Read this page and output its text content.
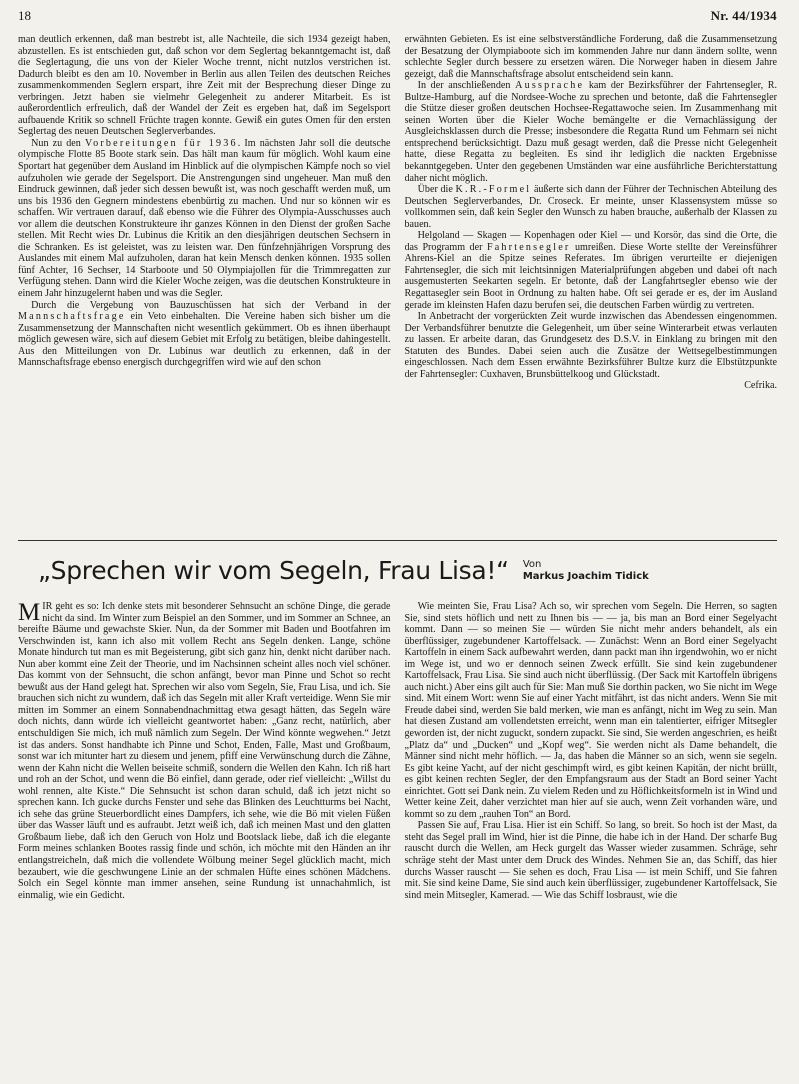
18	Nr. 44/1934

man deutlich erkennen, daß man bestrebt ist, alle Nachteile, die sich 1934 gezeigt haben, abzustellen. Es ist entschieden gut, daß schon vor dem Seglertag bekanntgemacht ist, daß die Seglertagung, die uns von der Kieler Woche trennt, nicht nutzlos verstrichen ist. Dadurch bleibt es den am 10. November in Berlin aus allen Teilen des deutschen Reiches zusammenkommenden Seglern erspart, ihre Zeit mit der Besprechung dieser Dinge zu verbringen. Jetzt haben sie vielmehr Gelegenheit zu anderer Mitarbeit. Es ist außerordentlich erfreulich, daß der Wandel der Zeit es ergeben hat, daß im Segelsport aufbauende Kritik so schnell Früchte tragen konnte. Gewiß ein gutes Omen für den ersten Seglertag des neuen Deutschen Seglerverbandes.

Nun zu den Vorbereitungen für 1936. Im nächsten Jahr soll die deutsche olympische Flotte 85 Boote stark sein. Das hält man kaum für möglich. Wohl kaum eine Sportart hat gegenüber dem Ausland im Hinblick auf die olympischen Kämpfe noch so viel aufzuholen wie gerade der Segelsport. Die Anstrengungen sind ungeheuer. Man muß den Eindruck gewinnen, daß jeder sich dessen bewußt ist, was noch geschafft werden muß, um uns bis 1936 den Gegnern mindestens ebenbürtig zu machen. Und nur so können wir es schaffen. Wir vertrauen darauf, daß ebenso wie die Führer des Olympia-Ausschusses auch vor allem die deutschen Konstrukteure ihr ganzes Können in den Dienst der großen Sache stellen. Mit Recht wies Dr. Lubinus die Kritik an den diesjährigen deutschen Sechsern in die Schranken. Es ist geleistet, was zu leisten war. Den fünfzehnjährigen Vorsprung des Auslandes mit einem Mal aufzuholen, daran hat kein Mensch denken können. 1935 sollen fünf Achter, 16 Sechser, 14 Starboote und 50 Olympiajollen für die Trimmregatten zur Verfügung stehen. Dann wird die Kieler Woche zeigen, was die deutschen Konstrukteure in einem Jahr hinzugelernt haben und was die Segler.

Durch die Vergebung von Bauzuschüssen hat sich der Verband in der Mannschaftsfrage ein Veto einbehalten. Die Vereine haben sich bisher um die Zusammensetzung der Mannschaften nicht wesentlich gekümmert. Ob es ihnen überhaupt möglich gewesen wäre, sich auf diesem Gebiet mit Erfolg zu betätigen, bleibe dahingestellt. Aus den Mitteilungen von Dr. Lubinus war deutlich zu erkennen, daß in der Mannschaftsfrage ebenso energisch durchgegriffen wird wie auf den schon

erwähnten Gebieten. Es ist eine selbstverständliche Forderung, daß die Zusammensetzung der Besatzung der Olympiaboote sich im kommenden Jahre nur dann ändern sollte, wenn schlechte Segler durch bessere zu ersetzen wären. Die Norweger haben in diesem Jahre gezeigt, daß die Mannschaftsfrage absolut entscheidend sein kann.

In der anschließenden Aussprache kam der Bezirksführer der Fahrtensegler, R. Bultze-Hamburg, auf die Nordsee-Woche zu sprechen und betonte, daß die Fahrtensegler die Stütze dieser großen deutschen Hochsee-Regattawoche seien. Im Zusammenhang mit seinen Worten über die Kieler Woche bemängelte er die Vernachlässigung der Ausgleichsklassen durch die Presse; insbesondere die Regatta Rund um Fehmarn sei nicht entsprechend berücksichtigt. Dazu muß gesagt werden, daß die Presse nicht Gelegenheit hatte, diese Regatta zu begleiten. Es sind ihr lediglich die nackten Ergebnisse bekanntgegeben. Unter den gegebenen Umständen war eine ausführliche Berichterstattung daher nicht möglich.

Über die K.R.-Formel äußerte sich dann der Führer der Technischen Abteilung des Deutschen Seglerverbandes, Dr. Croseck. Er meinte, unser Klassensystem müsse so vollkommen sein, daß kein Segler den Wunsch zu haben brauche, außerhalb der Klassen zu bauen.

Helgoland — Skagen — Kopenhagen oder Kiel — und Korsör, das sind die Orte, die das Programm der Fahrtensegler umreißen. Diese Worte stellte der Vereinsführer Ahrens-Kiel an die Spitze seines Referates. Im übrigen verurteilte er diejenigen Fahrtensegler, die sich mit leichtsinnigen Materialprüfungen abgeben und dabei oft nach ausgemusterten Seekarten segeln. Er betonte, daß der Langfahrtsegler ebenso wie der Regattasegler sein Boot in Ordnung zu halten habe. Oft sei gerade er es, der im Ausland gerade im kleinsten Hafen dazu berufen sei, die deutschen Farben würdig zu vertreten.

In Anbetracht der vorgerückten Zeit wurde inzwischen das Abendessen eingenommen. Der Verbandsführer benutzte die Gelegenheit, um über seine Winterarbeit etwas verlauten zu lassen. Er arbeite daran, das Grundgesetz des D.S.V. in Einklang zu bringen mit den Statuten des Bundes. Dabei seien auch die Zusätze der Wettsegelbestimmungen eingeschlossen. Nach dem Essen erwähnte Bezirksführer Bultze kurz die Elbstützpunkte der Fahrtensegler: Cuxhaven, Brunsbüttelkoog und Glückstadt.

Cefrika.

„Sprechen wir vom Segeln, Frau Lisa!“ Von
Markus Joachim Tidick

MIR geht es so: Ich denke stets mit besonderer Sehnsucht an schöne Dinge, die gerade nicht da sind. Im Winter zum Beispiel an den Sommer, und im Sommer an Schnee, an bereifte Bäume und gewachste Skier. Nun, da der Sommer mit Baden und Bootfahren im Verschwinden ist, kann ich also mit vollem Recht ans Segeln denken. Lange, schöne Monate hindurch tut man es mit Begeisterung, gibt sich ganz hin, denkt nicht darüber nach. Nun aber kommt eine Zeit der Theorie, und im Nachsinnen scheint alles noch viel schöner. Das kommt von der Sehnsucht, die schon anfängt, bevor man Pinne und Schot so recht bewußt aus der Hand gelegt hat. Sprechen wir also vom Segeln, Sie, Frau Lisa, und ich. Sie brauchen sich nicht zu wundern, daß ich das Segeln mit aller Kraft verteidige. Wenn Sie mir mitten im Sommer an einem Sonnabendnachmittag etwa gesagt hätten, das Segeln wäre doch nichts, dann würde ich vielleicht geantwortet haben: „Ganz recht, natürlich, aber entschuldigen Sie mich, ich muß nämlich zum Segeln. Der Wind könnte wegwehen.“ Jetzt ist das anders. Sonst handhabte ich Pinne und Schot, Enden, Falle, Mast und Großbaum, sonst war ich mitunter hart zu diesem und jenem, pfiff eine Verwünschung durch die Zähne, wenn der Kahn nicht die Wellen beiseite schmiß, sondern die Wellen den Kahn. Ich riß hart und roh an der Schot, und wenn die Bö einfiel, dann gerade, oder rief vielleicht: „Willst du wohl rennen, alte Kiste.“ Die Sehnsucht ist schon daran schuld, daß ich jetzt nicht so sprechen kann. Ich gucke durchs Fenster und sehe das Blinken des Leuchtturms bei Nacht, ich sehe das grüne Steuerbordlicht eines Dampfers, ich sehe, wie die Bö mit vielen Füßen über das Wasser läuft und es aufraubt. Jetzt weiß ich, daß ich meinen Mast und den glatten Großbaum liebe, daß ich den Geruch von Holz und Bootslack liebe, daß ich die elegante Form meines schlanken Bootes rassig finde und schön, ich möchte mit den Händen an ihr entlangstreicheln, daß mich die vollendete Wölbung meiner Segel glücklich macht, mich bezaubert, wie die geschwungene Linie an der schmalen Hüfte eines schönen Mädchens. Solch ein Segel könnte man immer ansehen, seine Rundung ist unnachahmlich, ist einmalig, wie ein Gedicht.

Wie meinten Sie, Frau Lisa? Ach so, wir sprechen vom Segeln. Die Herren, so sagten Sie, sind stets höflich und nett zu Ihnen bis — — ja, bis man an Bord einer Segelyacht kommt. Dann — so meinen Sie — würden Sie nicht mehr anders behandelt, als ein überflüssiger, zugebundener Kartoffelsack. — Zunächst: Wenn an Bord einer Segelyacht Kartoffeln in einem Sack aufbewahrt werden, dann packt man ihn irgendwohin, wo er nicht im Wege ist, und wo er dennoch seinen Zweck erfüllt. Sie sind kein zugebundener Kartoffelsack, Frau Lisa. Sie sind auch nicht überflüssig. (Der Sack mit Kartoffeln übrigens auch nicht.) Aber eins gilt auch für Sie: Man muß Sie dorthin packen, wo Sie nicht im Wege sind. Mit einem Wort: wenn Sie auf einer Yacht mitfährt, ist das nicht anders. Wenn Sie mit Freude dabei sind, werden Sie bald merken, wie man es anfängt, nicht im Weg zu sein. Man hat diesen Zustand am vollendetsten erreicht, wenn man ein talentierter, eifriger Mitsegler geworden ist, der nicht zuguckt, sondern zupackt. Sie sind, Sie werden angeschrien, es heißt „Platz da“ und „Ducken“ und „Kopf weg“. Sie werden nicht als Dame behandelt, die Männer sind nicht mehr höflich. — Ja, das haben die Männer so an sich, wenn sie segeln. Es gibt keine Yacht, auf der nicht geschimpft wird, es gibt keinen Kapitän, der nicht brüllt, es gibt keinen rechten Segler, der den Empfangsraum aus der Stadt an Bord seiner Yacht einrichtet. Gott sei Dank nein. Zu vielem Reden und zu Höflichkeitsformeln ist in Wind und Wetter keine Zeit, daher verzichtet man hier auf sie auch, wenn Zeit vorhanden wäre, und kommt so zu dem „rauhen Ton“ an Bord.

Passen Sie auf, Frau Lisa. Hier ist ein Schiff. So lang, so breit. So hoch ist der Mast, da steht das Segel prall im Wind, hier ist die Pinne, die habe ich in der Hand. Der scharfe Bug rauscht durch die Wellen, am Heck gurgelt das Wasser wieder zusammen. Schräge, sehr schräge steht der Mast unter dem Druck des Windes. Nehmen Sie an, das Schiff, das hier durchs Wasser rauscht — Sie sehen es doch, Frau Lisa — ist mein Schiff, und Sie fahren mit. Sie sind keine Dame, Sie sind auch kein überflüssiger, zugebundener Kartoffelsack, Sie sind mein Mitsegler, Kamerad. — Wie das Schiff losbraust, wie die
